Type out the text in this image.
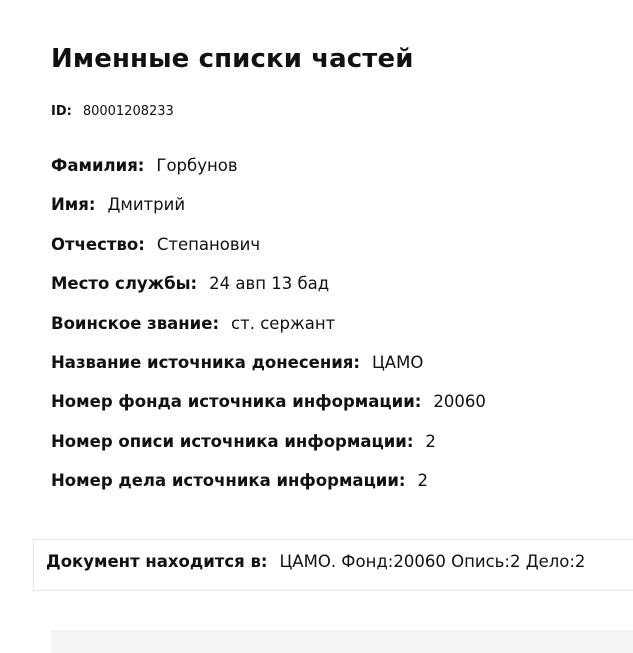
Именные списки частей
ID: 80001208233
Фамилия: Горбунов
Имя: Дмитрий
Отчество: Степанович
Место службы: 24 авп 13 бад
Воинское звание: ст. сержант
Название источника донесения: ЦАМО
Номер фонда источника информации: 20060
Номер описи источника информации: 2
Номер дела источника информации: 2
Документ находится в: ЦАМО. Фонд:20060 Опись:2 Дело:2
